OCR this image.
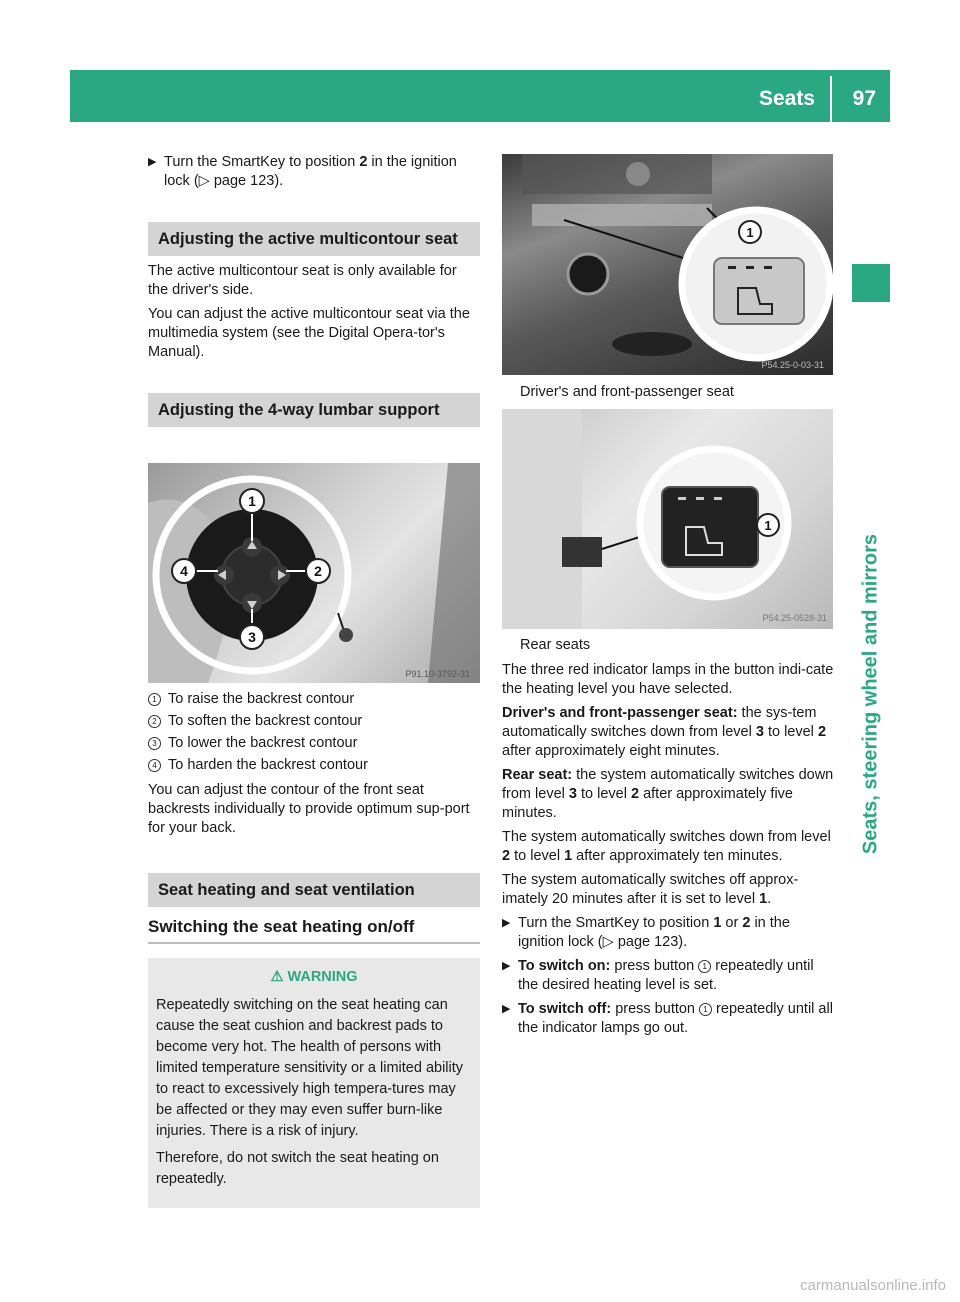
Seats 97
Seats, steering wheel and mirrors
▶ Turn the SmartKey to position 2 in the ignition lock (▷ page 123).
Adjusting the active multicontour seat

The active multicontour seat is only available for the driver's side.

You can adjust the active multicontour seat via the multimedia system (see the Digital Opera-tor's Manual).

Adjusting the 4-way lumbar support
1
2
3
4
P91.10-3792-31
1 To raise the backrest contour
2 To soften the backrest contour
3 To lower the backrest contour
4 To harden the backrest contour

You can adjust the contour of the front seat backrests individually to provide optimum sup-port for your back.

Seat heating and seat ventilation
Switching the seat heating on/off
⚠ WARNING

Repeatedly switching on the seat heating can cause the seat cushion and backrest pads to become very hot. The health of persons with limited temperature sensitivity or a limited ability to react to excessively high tempera-tures may be affected or they may even suffer burn-like injuries. There is a risk of injury.

Therefore, do not switch the seat heating on repeatedly.

1
P54.25-0-03-31
Driver's and front-passenger seat
1
P54.25-0528-31
Rear seats

The three red indicator lamps in the button indi-cate the heating level you have selected.

Driver's and front-passenger seat: the sys-tem automatically switches down from level 3 to level 2 after approximately eight minutes.

Rear seat: the system automatically switches down from level 3 to level 2 after approximately five minutes.

The system automatically switches down from level 2 to level 1 after approximately ten minutes.

The system automatically switches off approx-imately 20 minutes after it is set to level 1.

▶ Turn the SmartKey to position 1 or 2 in the ignition lock (▷ page 123).
▶ To switch on: press button 1 repeatedly until the desired heating level is set.
▶ To switch off: press button 1 repeatedly until all the indicator lamps go out.
carmanualsonline.info
